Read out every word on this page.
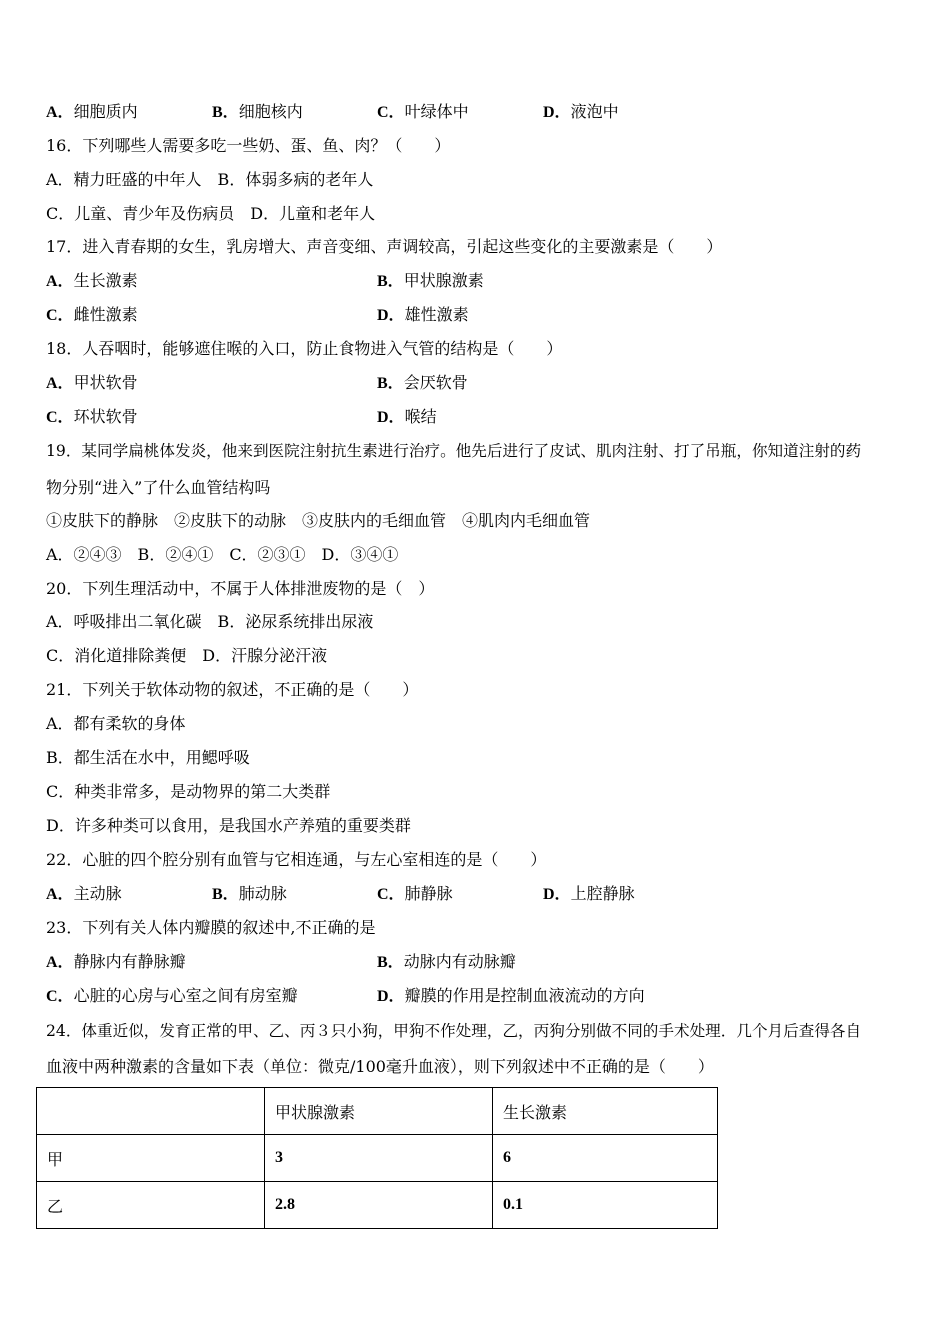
A．细胞质内	B．细胞核内	C．叶绿体中	D．液泡中
16．下列哪些人需要多吃一些奶、蛋、鱼、肉？（　　）
A．精力旺盛的中年人　B．体弱多病的老年人
C．儿童、青少年及伤病员　D．儿童和老年人
17．进入青春期的女生，乳房增大、声音变细、声调较高，引起这些变化的主要激素是（　　）
A．生长激素	B．甲状腺激素
C．雌性激素	D．雄性激素
18．人吞咽时，能够遮住喉的入口，防止食物进入气管的结构是（　　）
A．甲状软骨	B．会厌软骨
C．环状软骨	D．喉结
19．某同学扁桃体发炎，他来到医院注射抗生素进行治疗。他先后进行了皮试、肌肉注射、打了吊瓶，你知道注射的药
物分别“进入”了什么血管结构吗
①皮肤下的静脉　②皮肤下的动脉　③皮肤内的毛细血管　④肌肉内毛细血管
A．②④③　B．②④①　C．②③①　D．③④①
20．下列生理活动中，不属于人体排泄废物的是（　）
A．呼吸排出二氧化碳　B．泌尿系统排出尿液
C．消化道排除粪便　D．汗腺分泌汗液
21．下列关于软体动物的叙述，不正确的是（　　）
A．都有柔软的身体
B．都生活在水中，用鳃呼吸
C．种类非常多，是动物界的第二大类群
D．许多种类可以食用，是我国水产养殖的重要类群
22．心脏的四个腔分别有血管与它相连通，与左心室相连的是（　　）
A．主动脉	B．肺动脉	C．肺静脉	D．上腔静脉
23．下列有关人体内瓣膜的叙述中,不正确的是
A．静脉内有静脉瓣	B．动脉内有动脉瓣
C．心脏的心房与心室之间有房室瓣	D．瓣膜的作用是控制血液流动的方向
24．体重近似，发育正常的甲、乙、丙３只小狗，甲狗不作处理，乙，丙狗分别做不同的手术处理．几个月后查得各自
血液中两种激素的含量如下表（单位：微克/100毫升血液），则下列叙述中不正确的是（　　）
	甲状腺激素	生长激素
甲	3	6
乙	2.8	0.1
